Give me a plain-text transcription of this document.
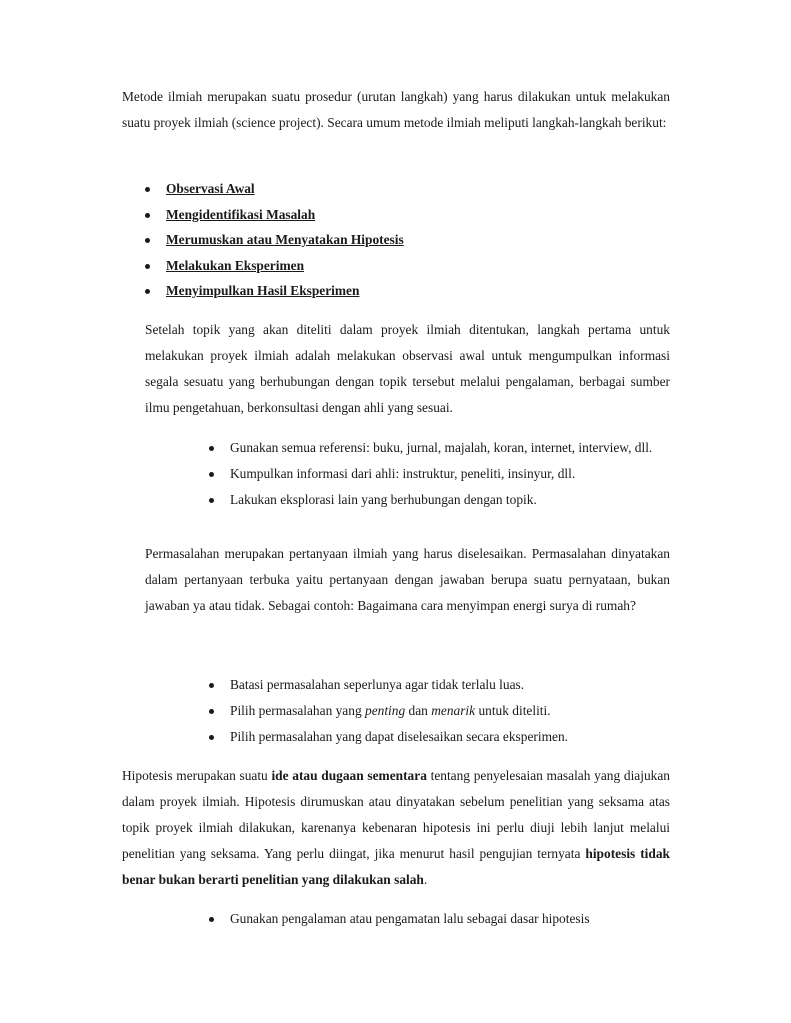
Metode ilmiah merupakan suatu prosedur (urutan langkah) yang harus dilakukan untuk melakukan suatu proyek ilmiah (science project). Secara umum metode ilmiah meliputi langkah-langkah berikut:

Observasi Awal
Mengidentifikasi Masalah
Merumuskan atau Menyatakan Hipotesis
Melakukan Eksperimen
Menyimpulkan Hasil Eksperimen

Setelah topik yang akan diteliti dalam proyek ilmiah ditentukan, langkah pertama untuk melakukan proyek ilmiah adalah melakukan observasi awal untuk mengumpulkan informasi segala sesuatu yang berhubungan dengan topik tersebut melalui pengalaman, berbagai sumber ilmu pengetahuan, berkonsultasi dengan ahli yang sesuai.

Gunakan semua referensi: buku, jurnal, majalah, koran, internet, interview, dll.
Kumpulkan informasi dari ahli: instruktur, peneliti, insinyur, dll.
Lakukan eksplorasi lain yang berhubungan dengan topik.

Permasalahan merupakan pertanyaan ilmiah yang harus diselesaikan. Permasalahan dinyatakan dalam pertanyaan terbuka yaitu pertanyaan dengan jawaban berupa suatu pernyataan, bukan jawaban ya atau tidak. Sebagai contoh: Bagaimana cara menyimpan energi surya di rumah?

Batasi permasalahan seperlunya agar tidak terlalu luas.
Pilih permasalahan yang penting dan menarik untuk diteliti.
Pilih permasalahan yang dapat diselesaikan secara eksperimen.

Hipotesis merupakan suatu ide atau dugaan sementara tentang penyelesaian masalah yang diajukan dalam proyek ilmiah. Hipotesis dirumuskan atau dinyatakan sebelum penelitian yang seksama atas topik proyek ilmiah dilakukan, karenanya kebenaran hipotesis ini perlu diuji lebih lanjut melalui penelitian yang seksama. Yang perlu diingat, jika menurut hasil pengujian ternyata hipotesis tidak benar bukan berarti penelitian yang dilakukan salah.

Gunakan pengalaman atau pengamatan lalu sebagai dasar hipotesis
